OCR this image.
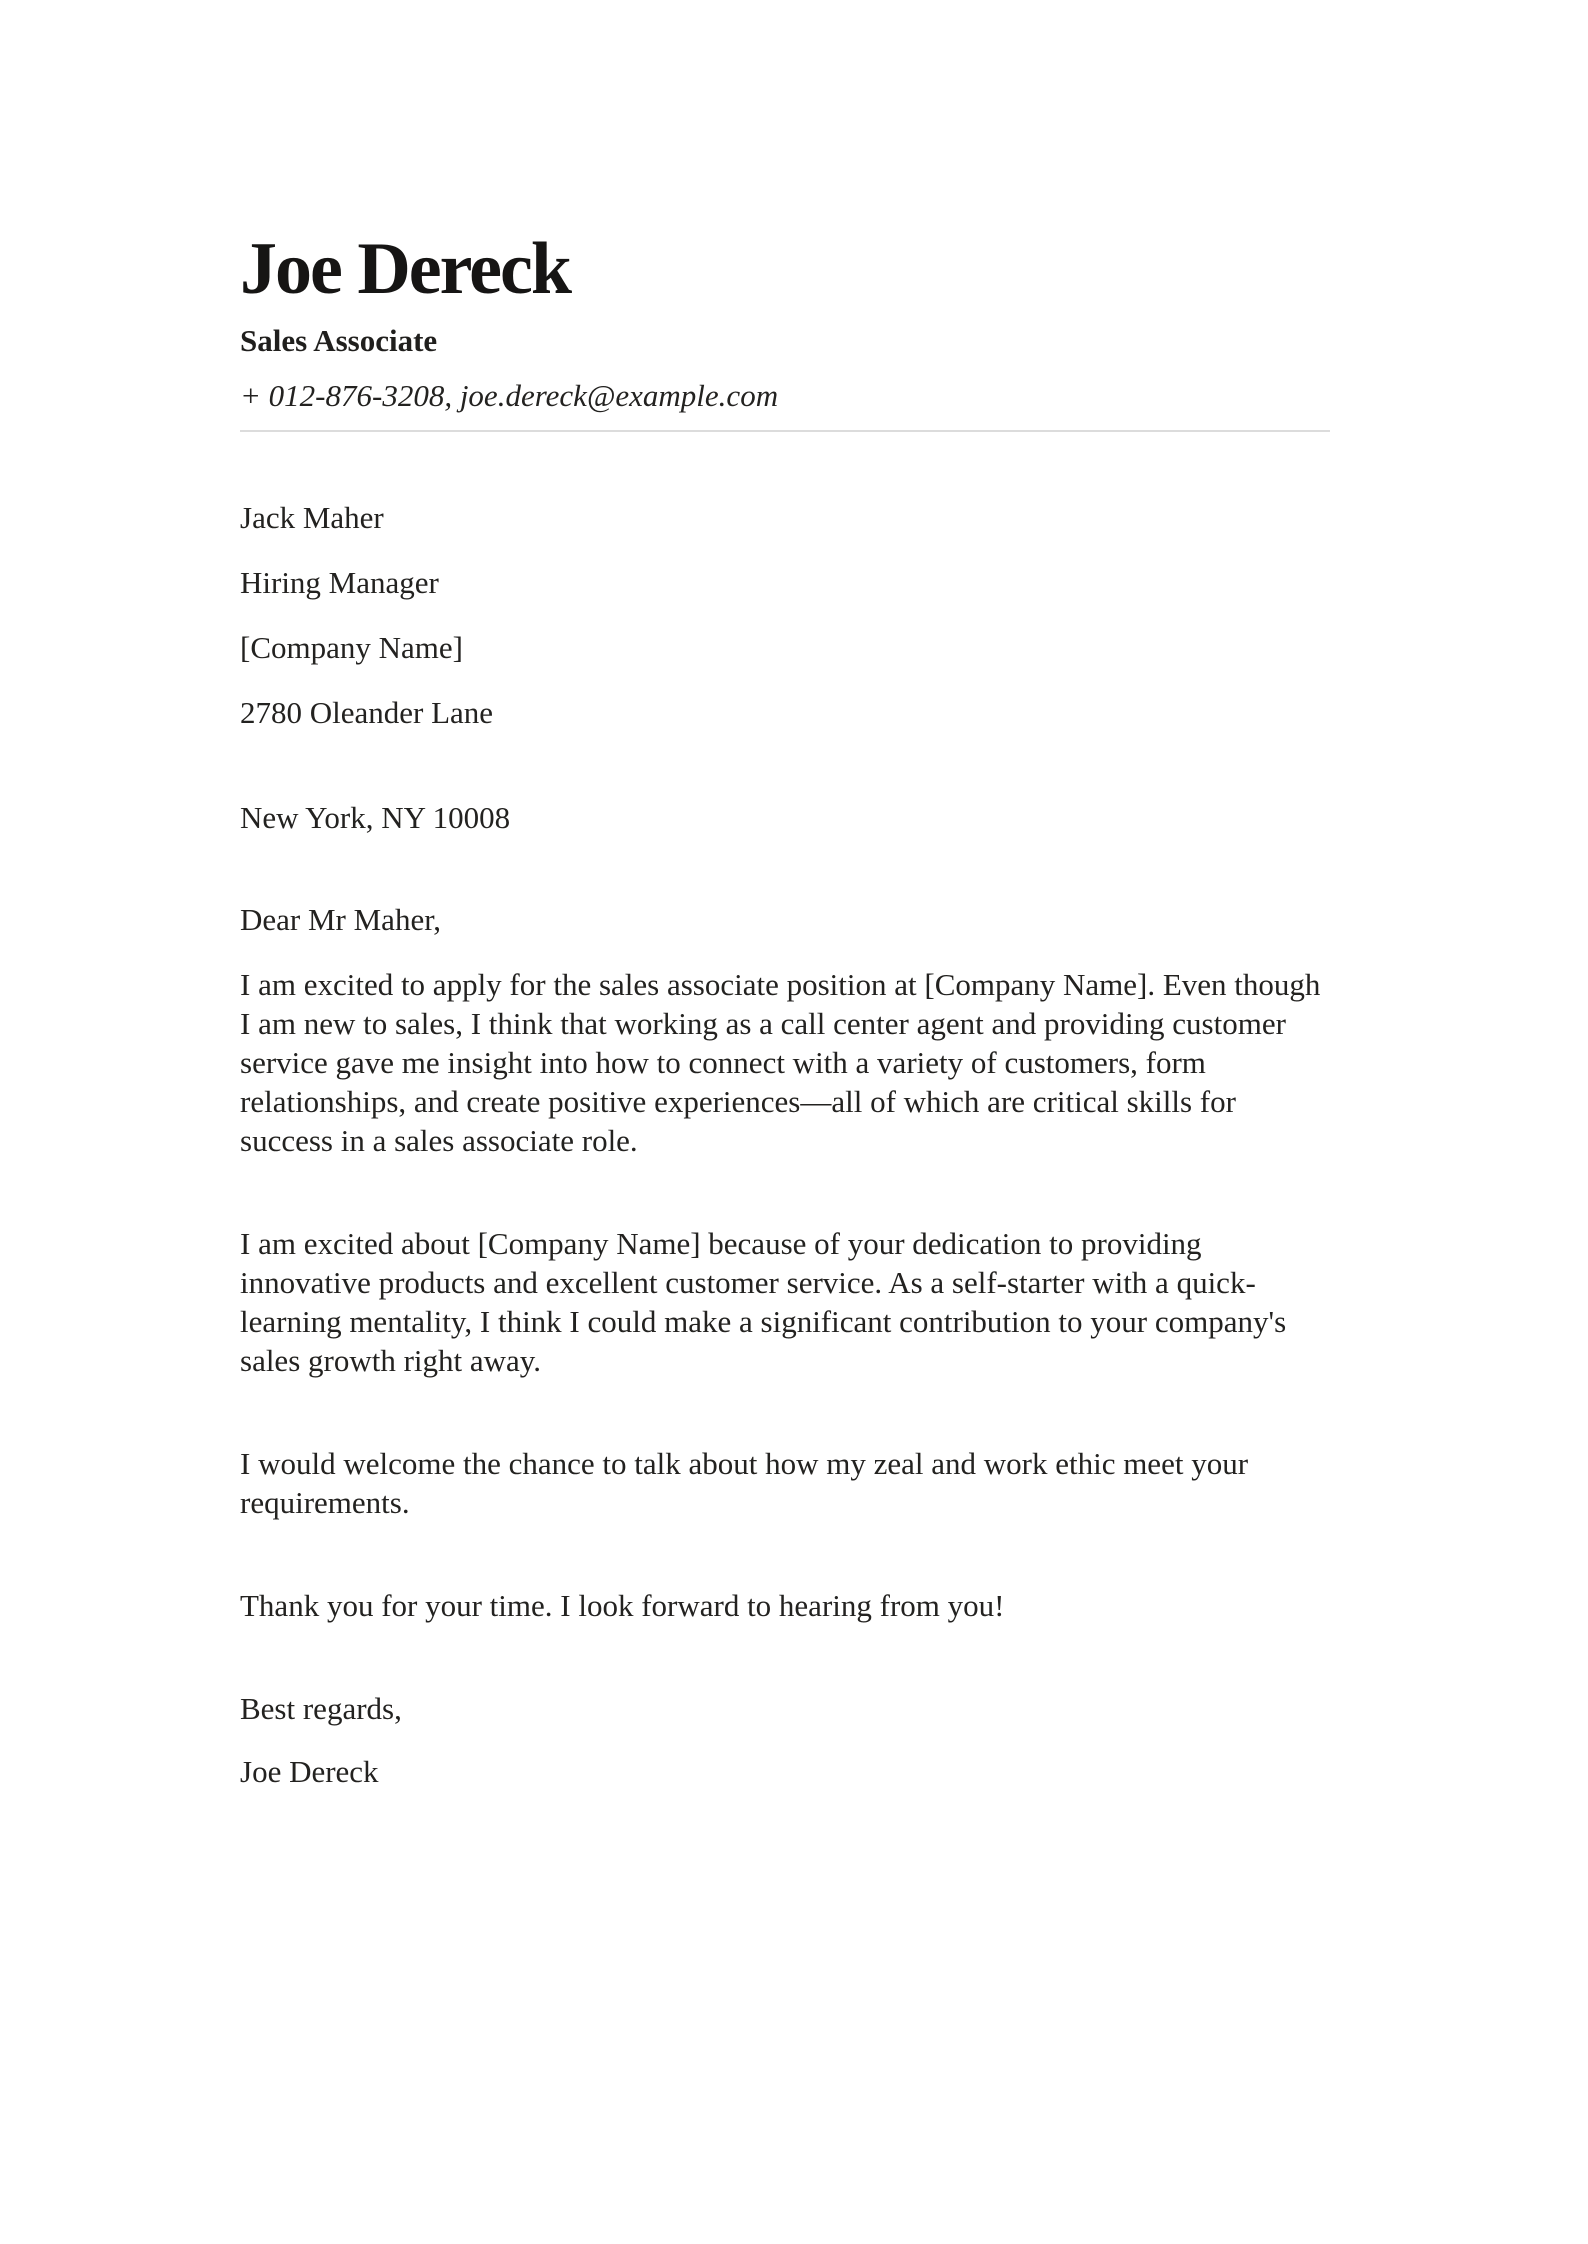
Joe Dereck
Sales Associate
+ 012-876-3208, joe.dereck@example.com

Jack Maher

Hiring Manager

[Company Name]

2780 Oleander Lane

New York, NY 10008

Dear Mr Maher,

I am excited to apply for the sales associate position at [Company Name]. Even though I am new to sales, I think that working as a call center agent and providing customer service gave me insight into how to connect with a variety of customers, form relationships, and create positive experiences—all of which are critical skills for success in a sales associate role.

I am excited about [Company Name] because of your dedication to providing innovative products and excellent customer service. As a self-starter with a quick-learning mentality, I think I could make a significant contribution to your company's sales growth right away.

I would welcome the chance to talk about how my zeal and work ethic meet your requirements.

Thank you for your time. I look forward to hearing from you!

Best regards,

Joe Dereck
